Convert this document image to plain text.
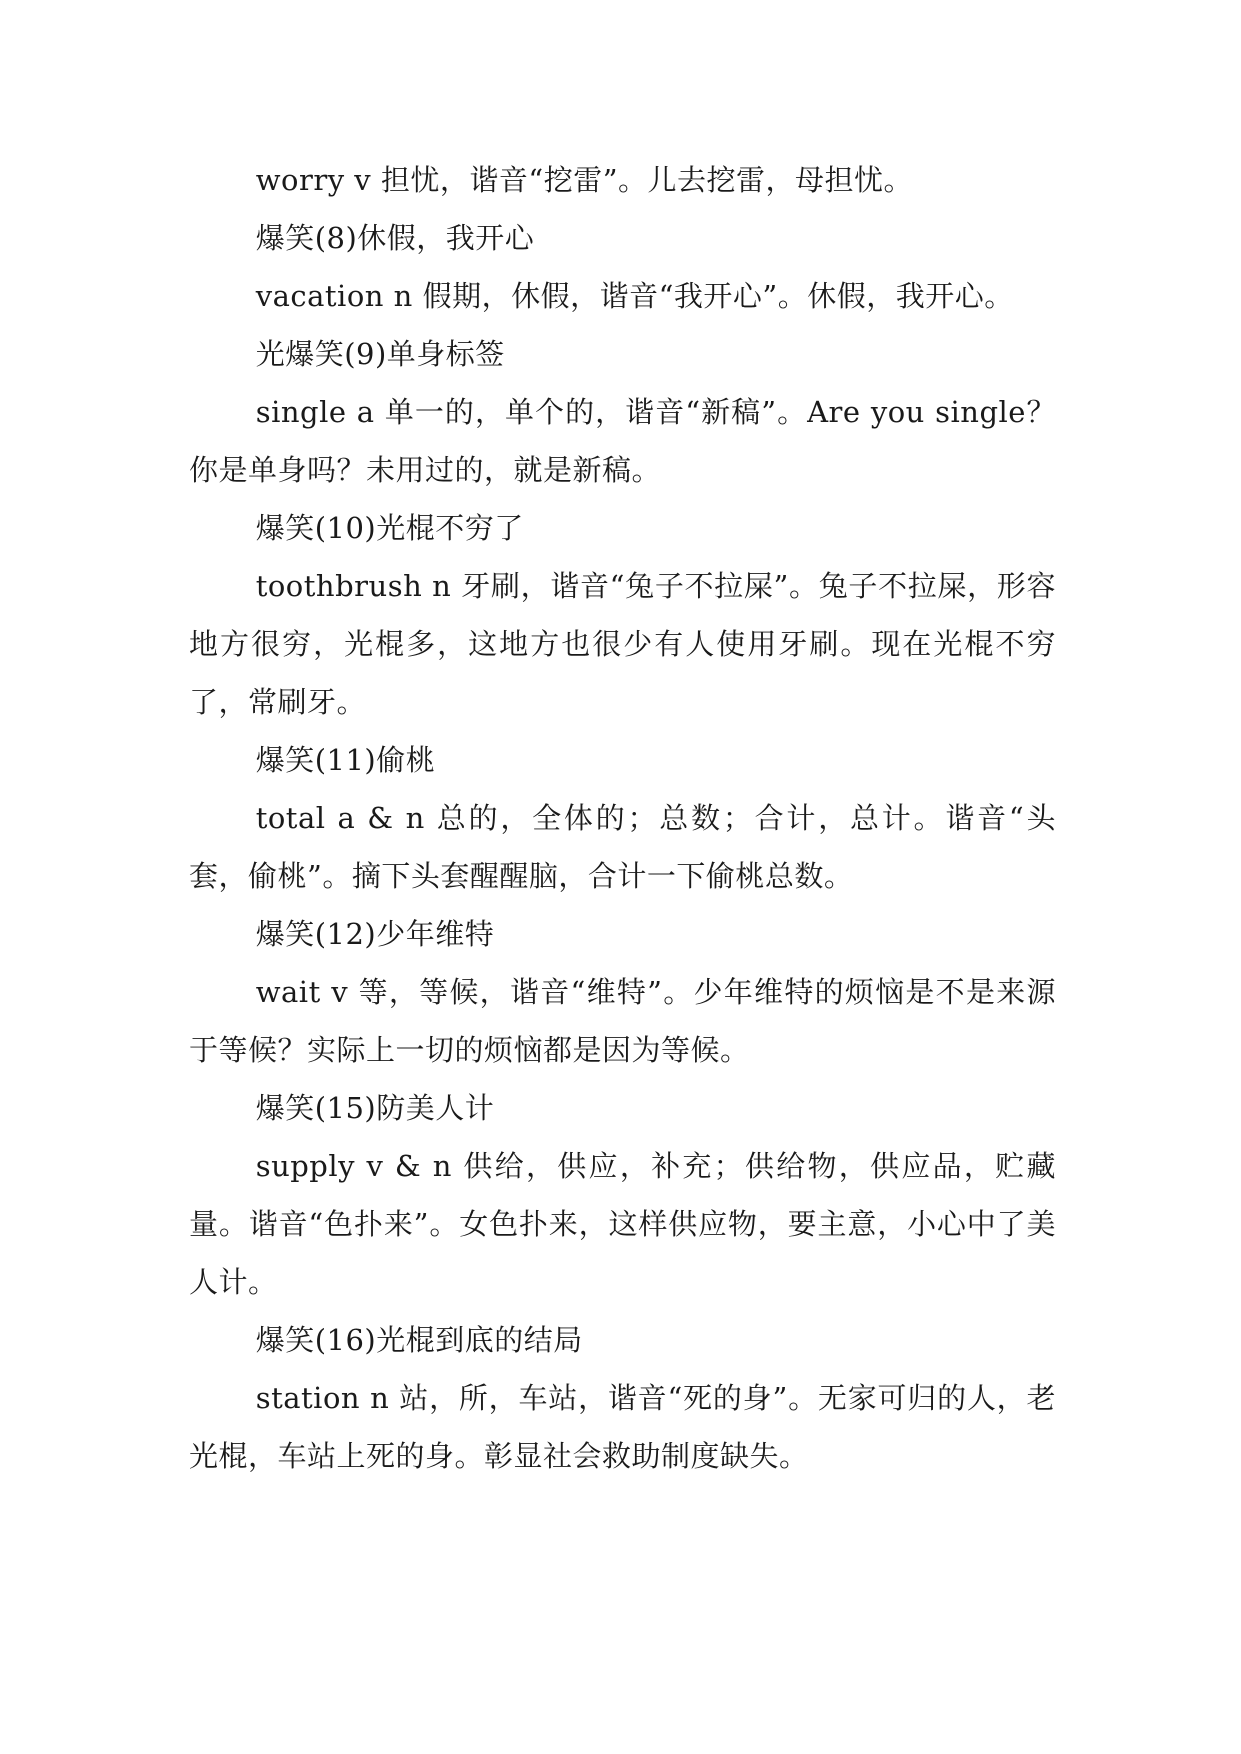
worry v 担忧，谐音“挖雷”。儿去挖雷，母担忧。

爆笑(8)休假，我开心

vacation n 假期，休假，谐音“我开心”。休假，我开心。

光爆笑(9)单身标签

single a 单一的，单个的，谐音“新稿”。Are you single？你是单身吗？未用过的，就是新稿。

爆笑(10)光棍不穷了

toothbrush n 牙刷，谐音“兔子不拉屎”。兔子不拉屎，形容地方很穷，光棍多，这地方也很少有人使用牙刷。现在光棍不穷了，常刷牙。

爆笑(11)偷桃

total a & n 总的，全体的；总数；合计，总计。谐音“头套，偷桃”。摘下头套醒醒脑，合计一下偷桃总数。

爆笑(12)少年维特

wait v 等，等候，谐音“维特”。少年维特的烦恼是不是来源于等候？实际上一切的烦恼都是因为等候。

爆笑(15)防美人计

supply v & n 供给，供应，补充；供给物，供应品，贮藏量。谐音“色扑来”。女色扑来，这样供应物，要主意，小心中了美人计。

爆笑(16)光棍到底的结局

station n 站，所，车站，谐音“死的身”。无家可归的人，老光棍，车站上死的身。彰显社会救助制度缺失。
